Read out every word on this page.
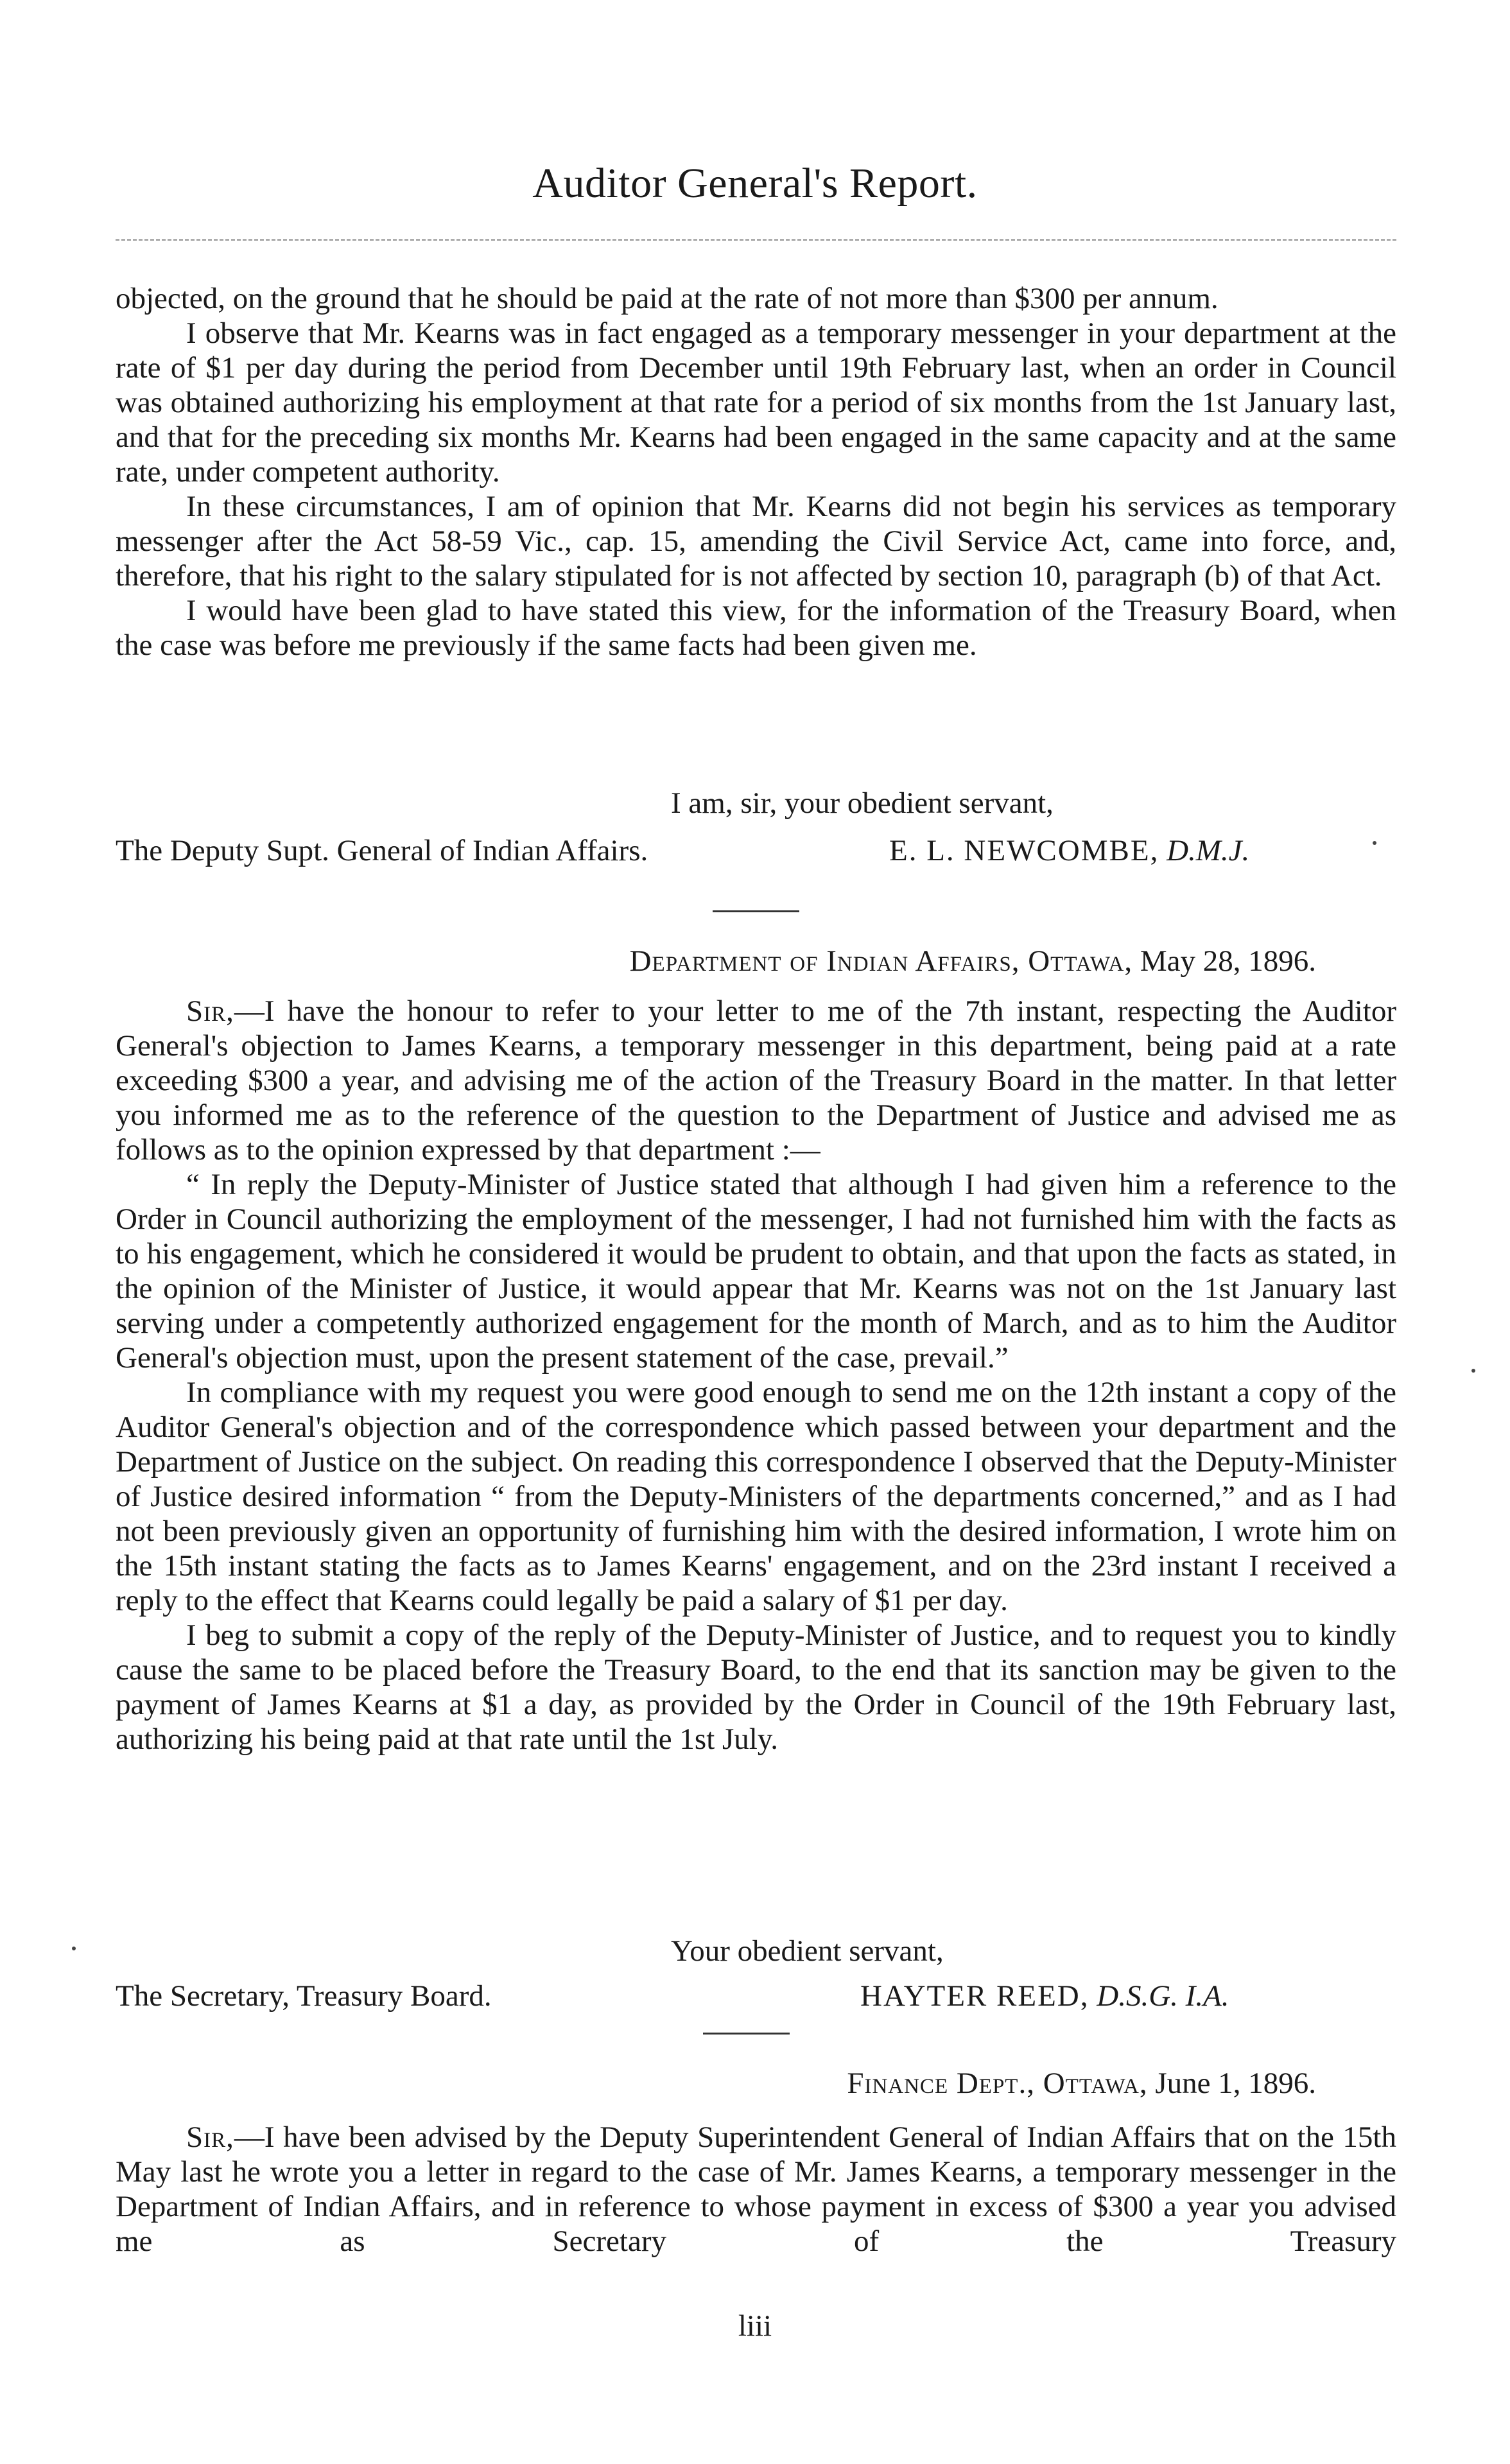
Auditor General's Report.

objected, on the ground that he should be paid at the rate of not more than $300 per annum.

I observe that Mr. Kearns was in fact engaged as a temporary messenger in your department at the rate of $1 per day during the period from December until 19th February last, when an order in Council was obtained authorizing his employment at that rate for a period of six months from the 1st January last, and that for the preceding six months Mr. Kearns had been engaged in the same capacity and at the same rate, under competent authority.

In these circumstances, I am of opinion that Mr. Kearns did not begin his services as temporary messenger after the Act 58-59 Vic., cap. 15, amending the Civil Service Act, came into force, and, therefore, that his right to the salary stipulated for is not affected by section 10, paragraph (b) of that Act.

I would have been glad to have stated this view, for the information of the Treasury Board, when the case was before me previously if the same facts had been given me.

I am, sir, your obedient servant,
The Deputy Supt. General of Indian Affairs.	E. L. NEWCOMBE, D.M.J.
Department of Indian Affairs, Ottawa, May 28, 1896.

Sir,—I have the honour to refer to your letter to me of the 7th instant, respecting the Auditor General's objection to James Kearns, a temporary messenger in this department, being paid at a rate exceeding $300 a year, and advising me of the action of the Treasury Board in the matter. In that letter you informed me as to the reference of the question to the Department of Justice and advised me as follows as to the opinion expressed by that department :—

“ In reply the Deputy-Minister of Justice stated that although I had given him a reference to the Order in Council authorizing the employment of the messenger, I had not furnished him with the facts as to his engagement, which he considered it would be prudent to obtain, and that upon the facts as stated, in the opinion of the Minister of Justice, it would appear that Mr. Kearns was not on the 1st January last serving under a competently authorized engagement for the month of March, and as to him the Auditor General's objection must, upon the present statement of the case, prevail.”

In compliance with my request you were good enough to send me on the 12th instant a copy of the Auditor General's objection and of the correspondence which passed between your department and the Department of Justice on the subject. On reading this correspondence I observed that the Deputy-Minister of Justice desired information “ from the Deputy-Ministers of the departments concerned,” and as I had not been previously given an opportunity of furnishing him with the desired information, I wrote him on the 15th instant stating the facts as to James Kearns' engagement, and on the 23rd instant I received a reply to the effect that Kearns could legally be paid a salary of $1 per day.

I beg to submit a copy of the reply of the Deputy-Minister of Justice, and to request you to kindly cause the same to be placed before the Treasury Board, to the end that its sanction may be given to the payment of James Kearns at $1 a day, as provided by the Order in Council of the 19th February last, authorizing his being paid at that rate until the 1st July.

Your obedient servant,
The Secretary, Treasury Board.	HAYTER REED, D.S.G. I.A.
Finance Dept., Ottawa, June 1, 1896.

Sir,—I have been advised by the Deputy Superintendent General of Indian Affairs that on the 15th May last he wrote you a letter in regard to the case of Mr. James Kearns, a temporary messenger in the Department of Indian Affairs, and in reference to whose payment in excess of $300 a year you advised me as Secretary of the Treasury

liii
